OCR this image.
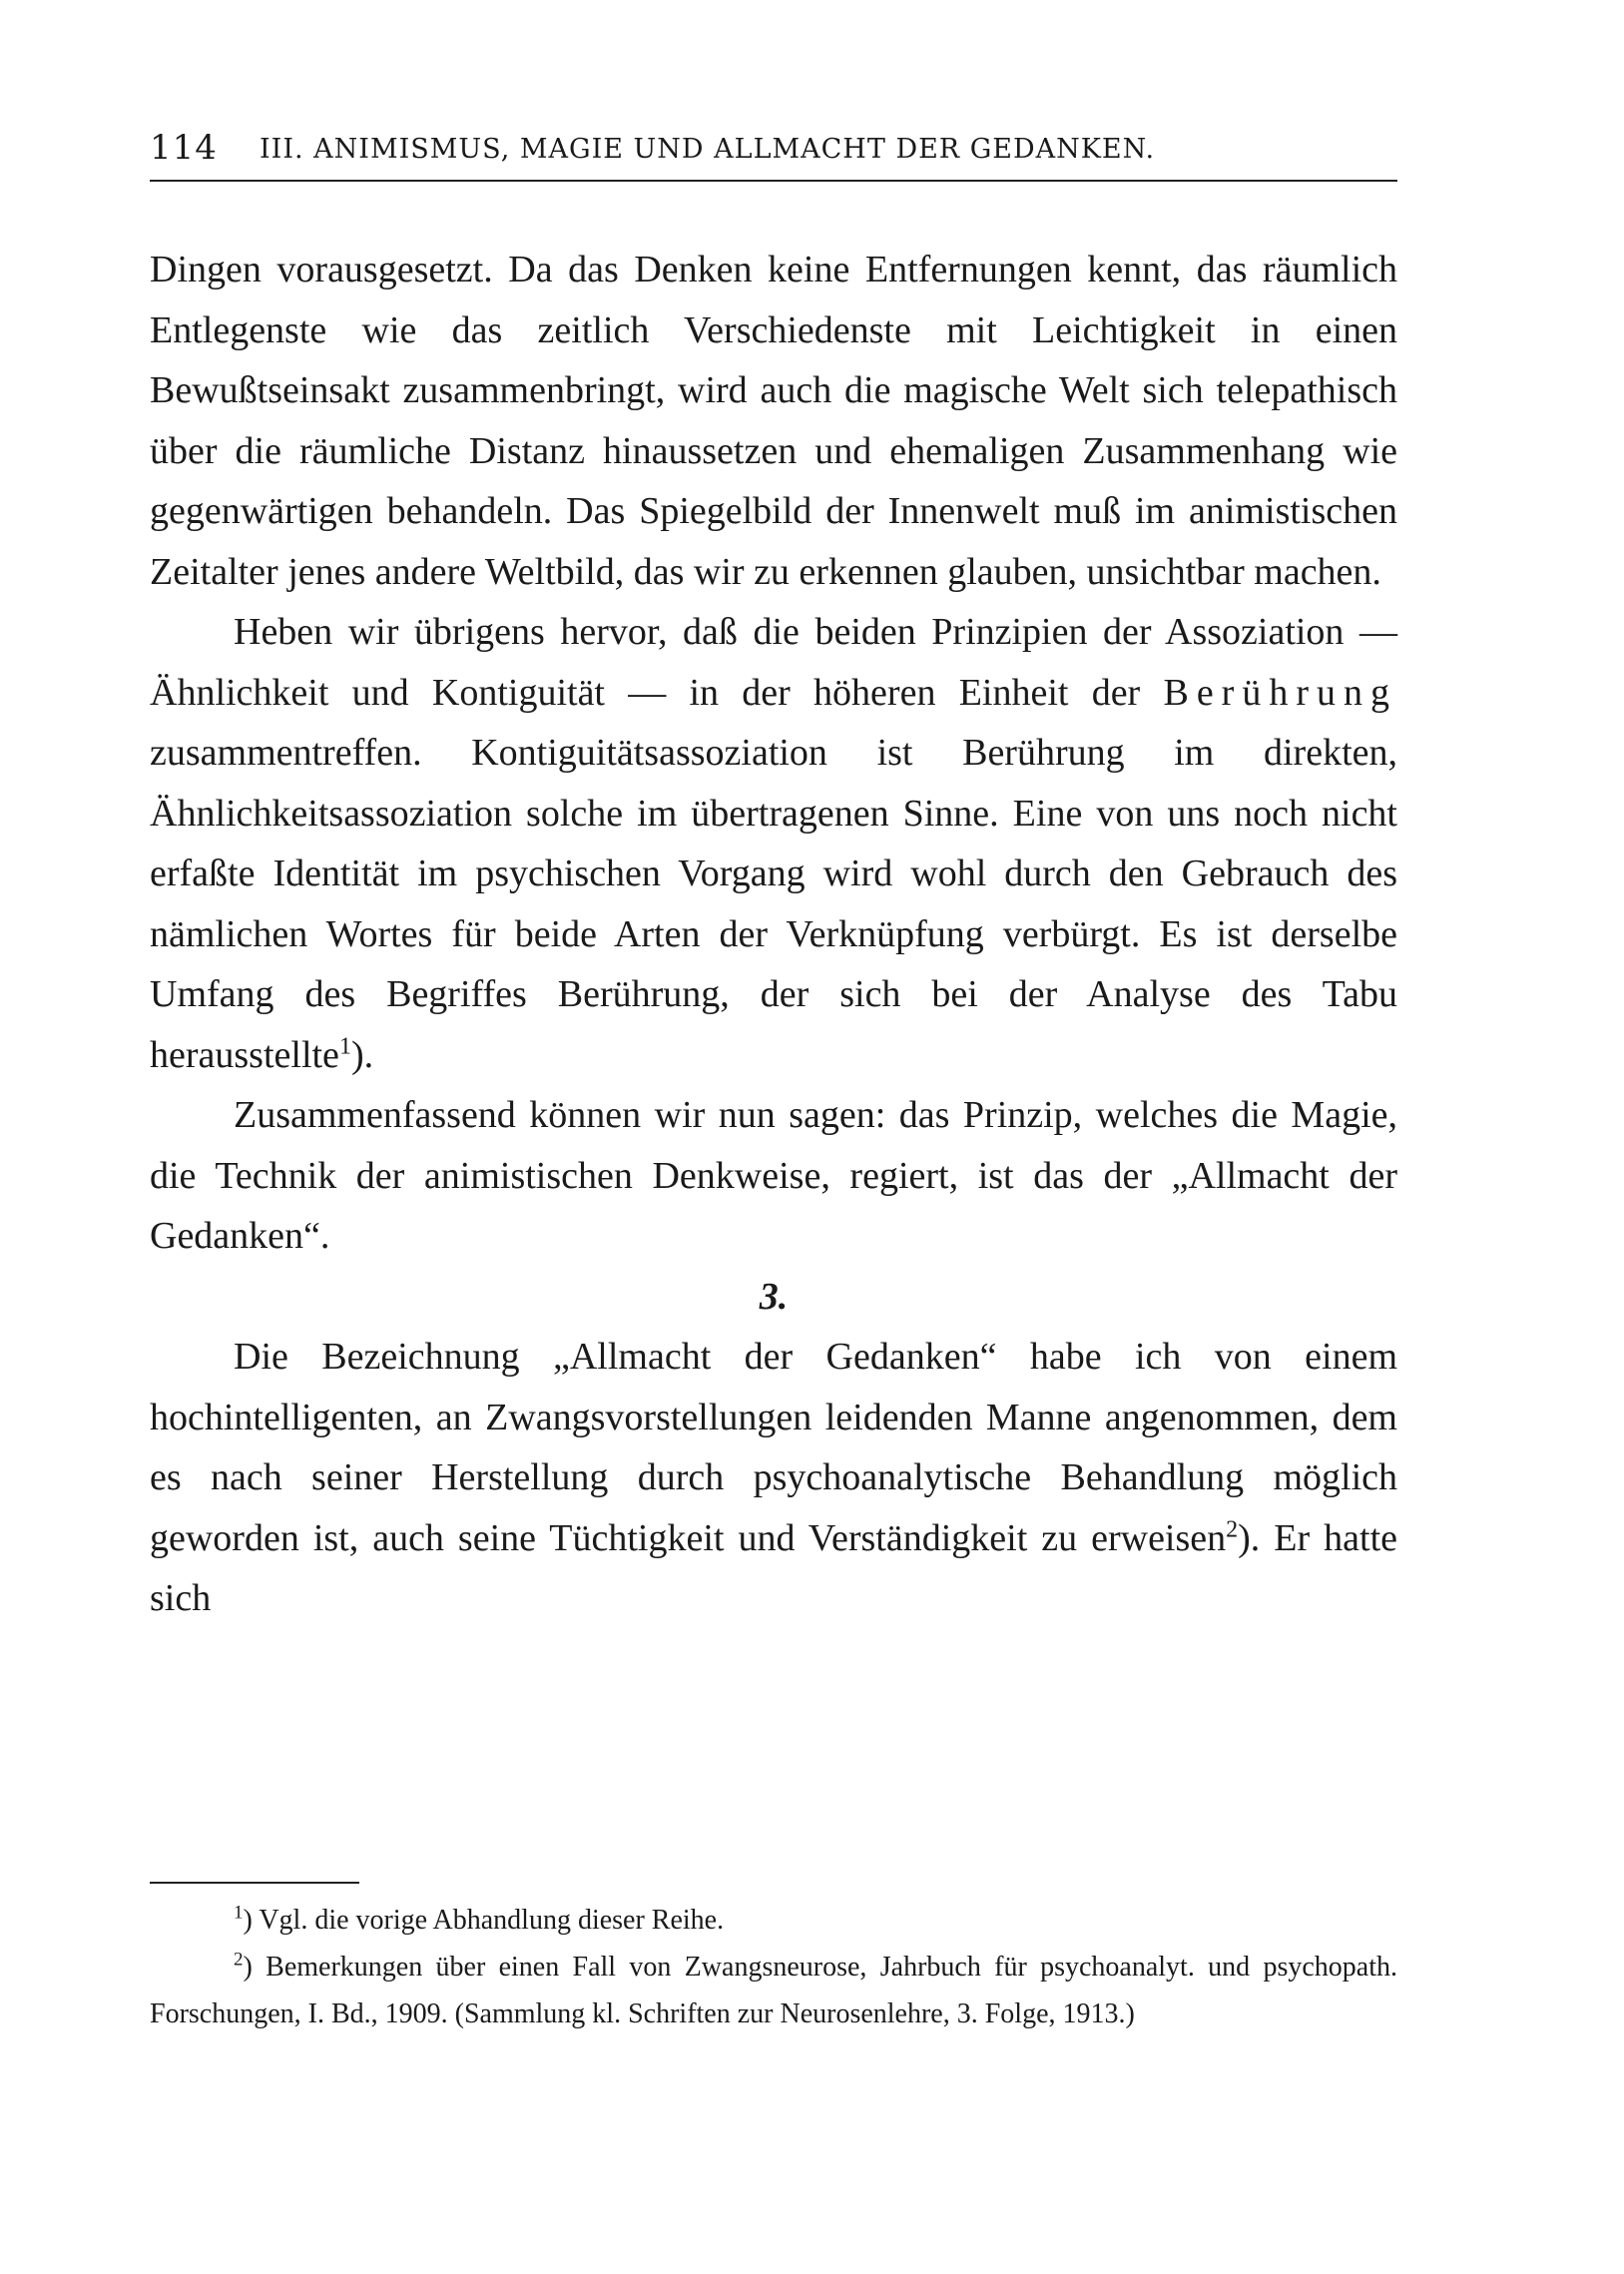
114 III. ANIMISMUS, MAGIE UND ALLMACHT DER GEDANKEN.

Dingen vorausgesetzt. Da das Denken keine Entfernungen kennt, das räumlich Entlegenste wie das zeitlich Verschiedenste mit Leichtigkeit in einen Bewußtseinsakt zusammenbringt, wird auch die magische Welt sich telepathisch über die räumliche Distanz hinaussetzen und ehemaligen Zusammenhang wie gegenwärtigen behandeln. Das Spiegelbild der Innenwelt muß im animistischen Zeitalter jenes andere Weltbild, das wir zu erkennen glauben, unsichtbar machen.

Heben wir übrigens hervor, daß die beiden Prinzipien der Assoziation — Ähnlichkeit und Kontiguität — in der höheren Einheit der Berührung zusammentreffen. Kontiguitätsassoziation ist Berührung im direkten, Ähnlichkeitsassoziation solche im übertragenen Sinne. Eine von uns noch nicht erfaßte Identität im psychischen Vorgang wird wohl durch den Gebrauch des nämlichen Wortes für beide Arten der Verknüpfung verbürgt. Es ist derselbe Umfang des Begriffes Berührung, der sich bei der Analyse des Tabu herausstellte$^1$).

Zusammenfassend können wir nun sagen: das Prinzip, welches die Magie, die Technik der animistischen Denkweise, regiert, ist das der „Allmacht der Gedanken“.

3.

Die Bezeichnung „Allmacht der Gedanken“ habe ich von einem hochintelligenten, an Zwangsvorstellungen leidenden Manne angenommen, dem es nach seiner Herstellung durch psychoanalytische Behandlung möglich geworden ist, auch seine Tüchtigkeit und Verständigkeit zu erweisen$^2$). Er hatte sich

$^1$) Vgl. die vorige Abhandlung dieser Reihe.

$^2$) Bemerkungen über einen Fall von Zwangsneurose, Jahrbuch für psychoanalyt. und psychopath. Forschungen, I. Bd., 1909. (Sammlung kl. Schriften zur Neurosenlehre, 3. Folge, 1913.)
